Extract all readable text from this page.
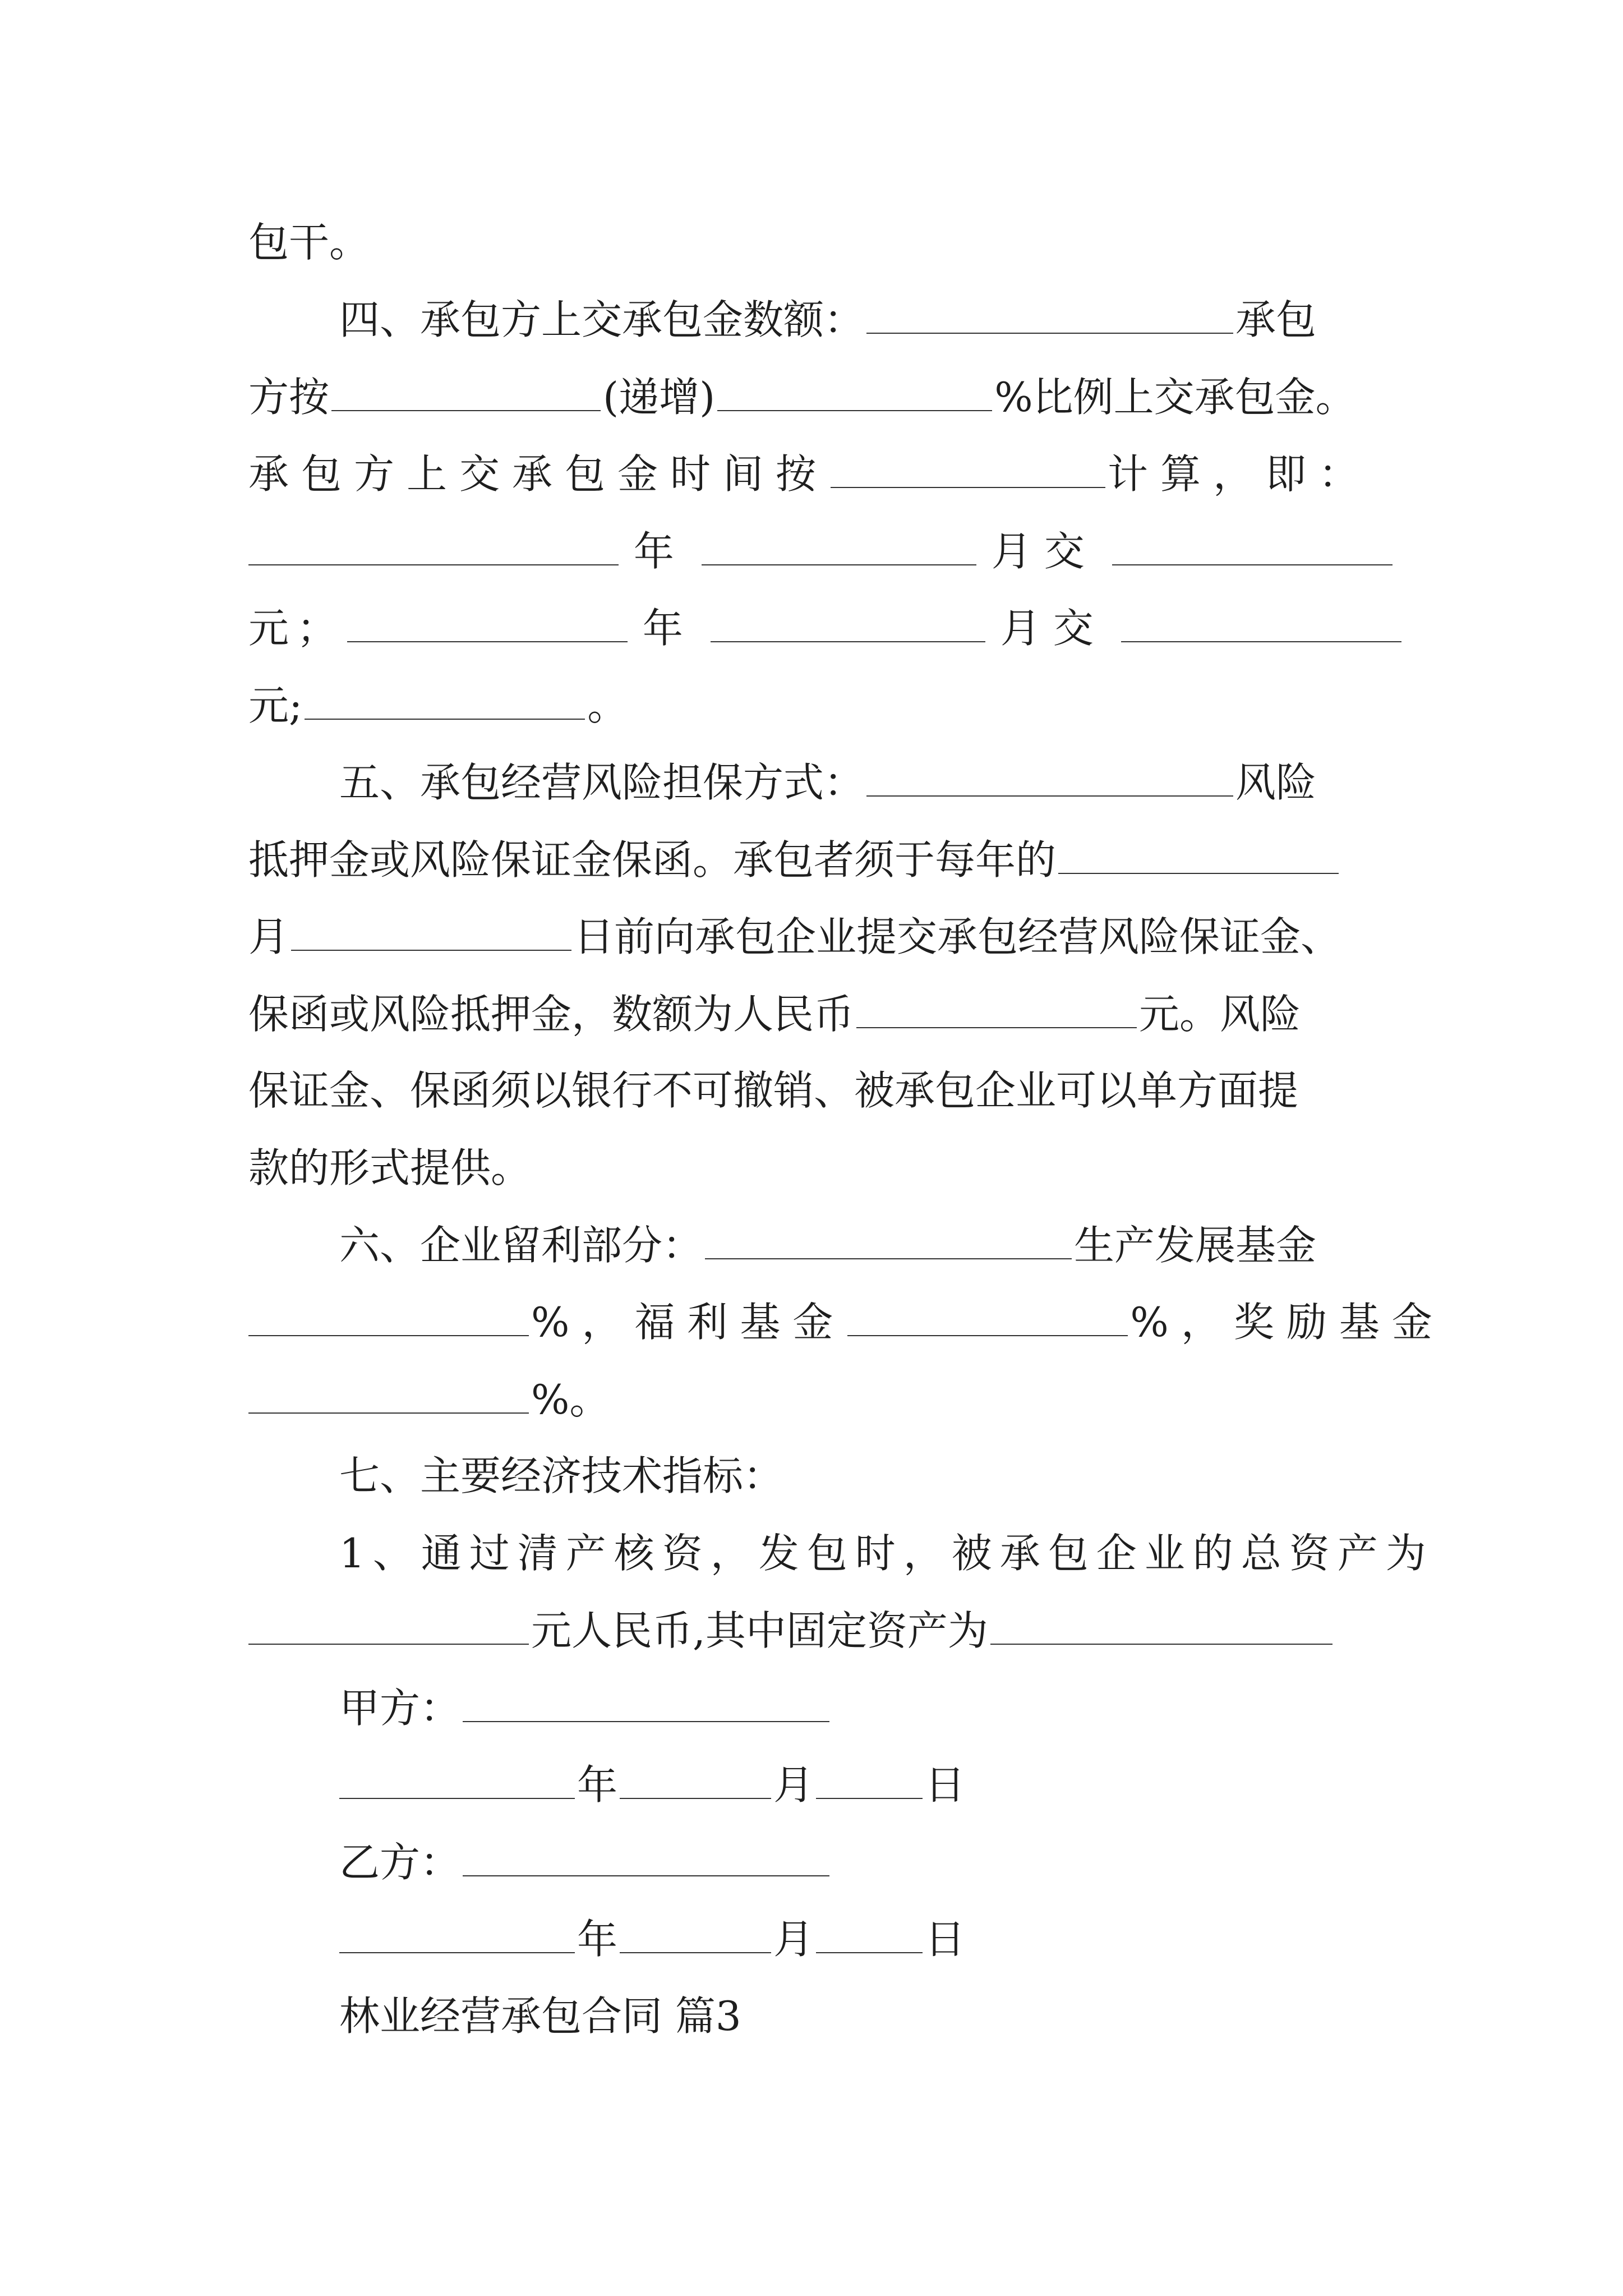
包干。
四、承包方上交承包金数额：	承包
方按	(递增)	%比例上交承包金。
承包方上交承包金时间按	计算，即：
年	月交
元；	年	月交
元;	。
五、承包经营风险担保方式：	风险
抵押金或风险保证金保函。承包者须于每年的
月	日前向承包企业提交承包经营风险保证金、
保函或风险抵押金，数额为人民币	元。风险
保证金、保函须以银行不可撤销、被承包企业可以单方面提
款的形式提供。
六、企业留利部分：	生产发展基金
%，福利基金	%，奖励基金
%。
七、主要经济技术指标：
1、通过清产核资，发包时，被承包企业的总资产为
元人民币,其中固定资产为
甲方：
年	月	日
乙方：
年	月	日
林业经营承包合同 篇3
